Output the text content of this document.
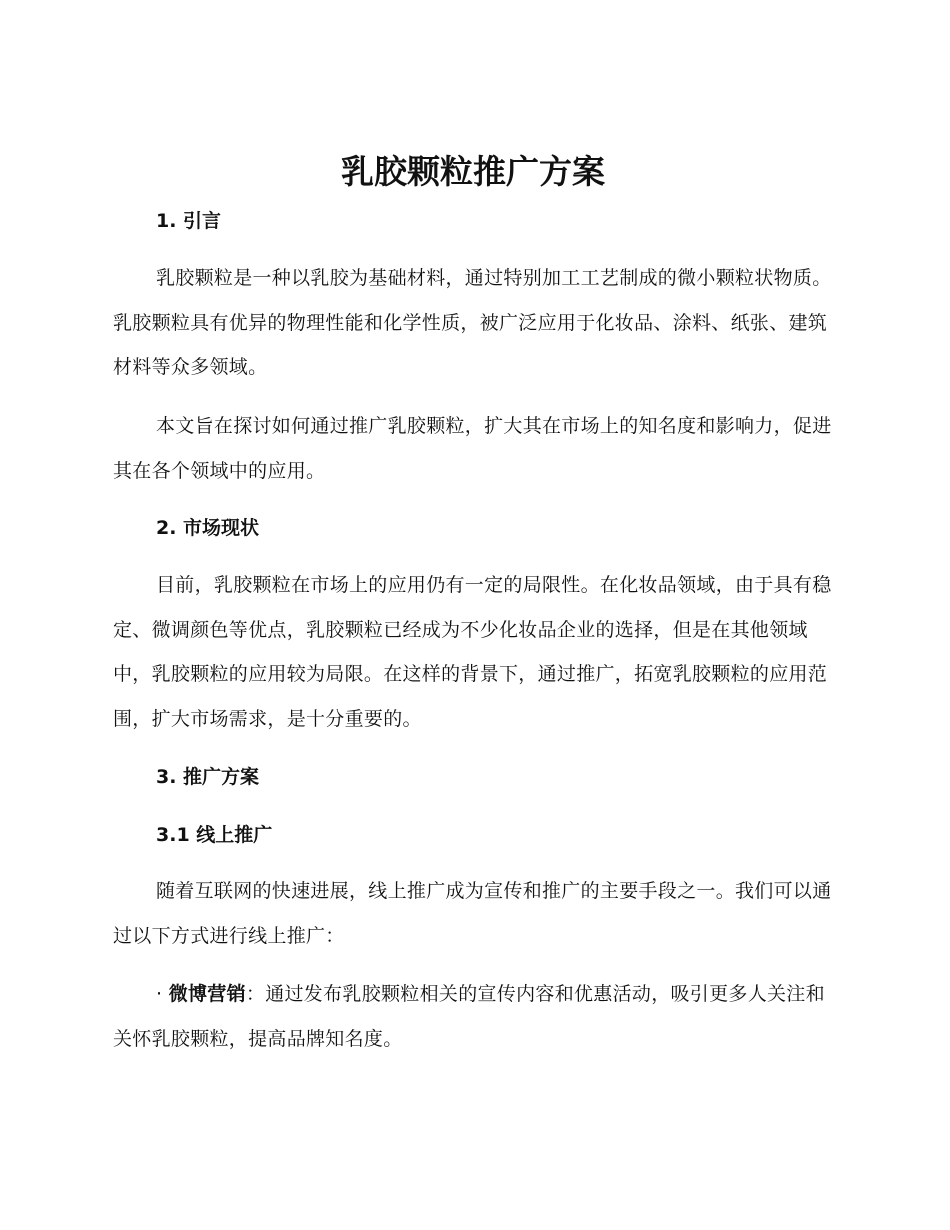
乳胶颗粒推广方案
1. 引言

乳胶颗粒是一种以乳胶为基础材料，通过特别加工工艺制成的微小颗粒状物质。乳胶颗粒具有优异的物理性能和化学性质，被广泛应用于化妆品、涂料、纸张、建筑材料等众多领域。

本文旨在探讨如何通过推广乳胶颗粒，扩大其在市场上的知名度和影响力，促进其在各个领域中的应用。

2. 市场现状

目前，乳胶颗粒在市场上的应用仍有一定的局限性。在化妆品领域，由于具有稳定、微调颜色等优点，乳胶颗粒已经成为不少化妆品企业的选择，但是在其他领域中，乳胶颗粒的应用较为局限。在这样的背景下，通过推广，拓宽乳胶颗粒的应用范围，扩大市场需求，是十分重要的。

3. 推广方案
3.1 线上推广

随着互联网的快速进展，线上推广成为宣传和推广的主要手段之一。我们可以通过以下方式进行线上推广：

· 微博营销：通过发布乳胶颗粒相关的宣传内容和优惠活动，吸引更多人关注和关怀乳胶颗粒，提高品牌知名度。
